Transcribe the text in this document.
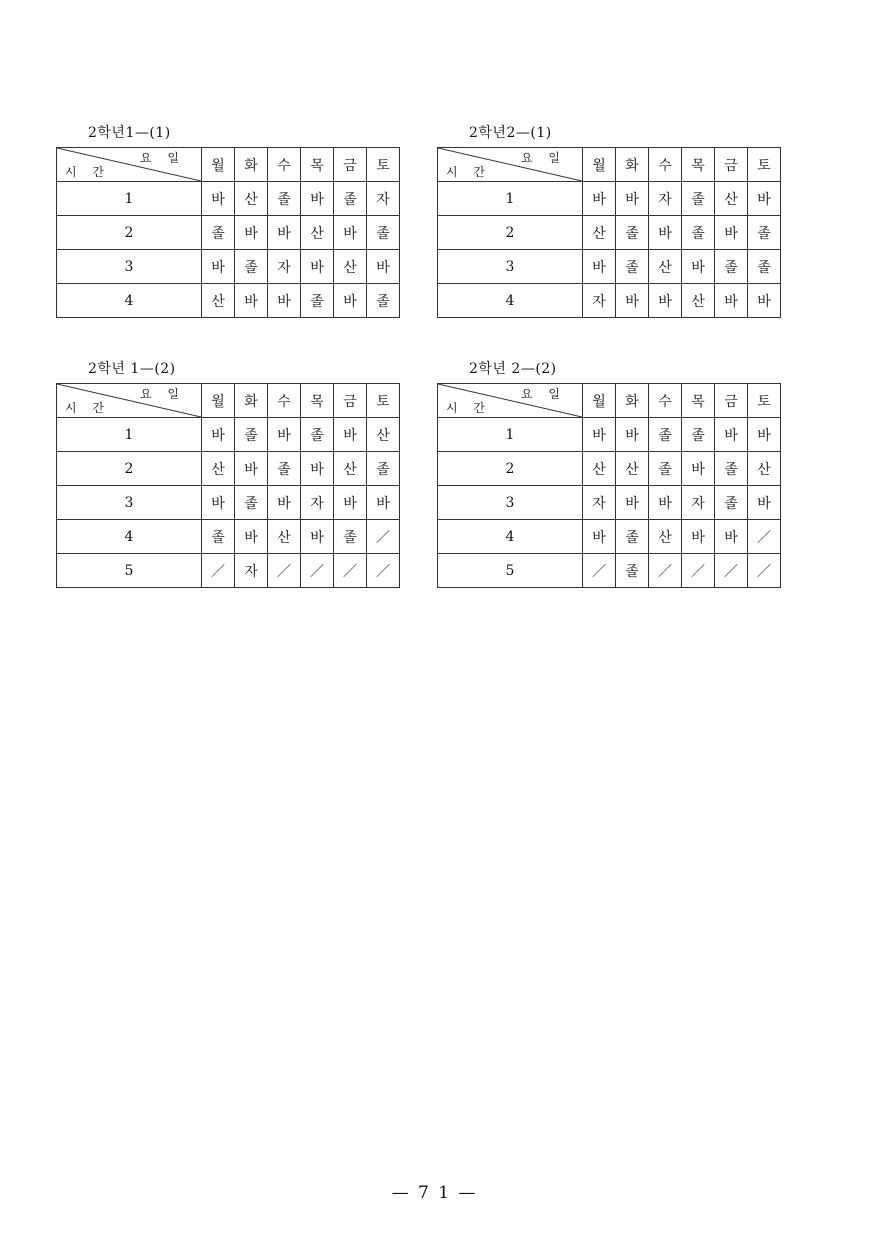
2학년1—(1)
요 일
시 간	월	화	수	목	금	토
1	바	산	졸	바	졸	자
2	졸	바	바	산	바	졸
3	바	졸	자	바	산	바
4	산	바	바	졸	바	졸
2학년2—(1)
요 일
시 간	월	화	수	목	금	토
1	바	바	자	졸	산	바
2	산	졸	바	졸	바	졸
3	바	졸	산	바	졸	졸
4	자	바	바	산	바	바
2학년 1—(2)
요 일
시 간	월	화	수	목	금	토
1	바	졸	바	졸	바	산
2	산	바	졸	바	산	졸
3	바	졸	바	자	바	바
4	졸	바	산	바	졸	／
5	／	자	／	／	／	／
2학년 2—(2)
요 일
시 간	월	화	수	목	금	토
1	바	바	졸	졸	바	바
2	산	산	졸	바	졸	산
3	자	바	바	자	졸	바
4	바	졸	산	바	바	／
5	／	졸	／	／	／	／
— 7 1 —
